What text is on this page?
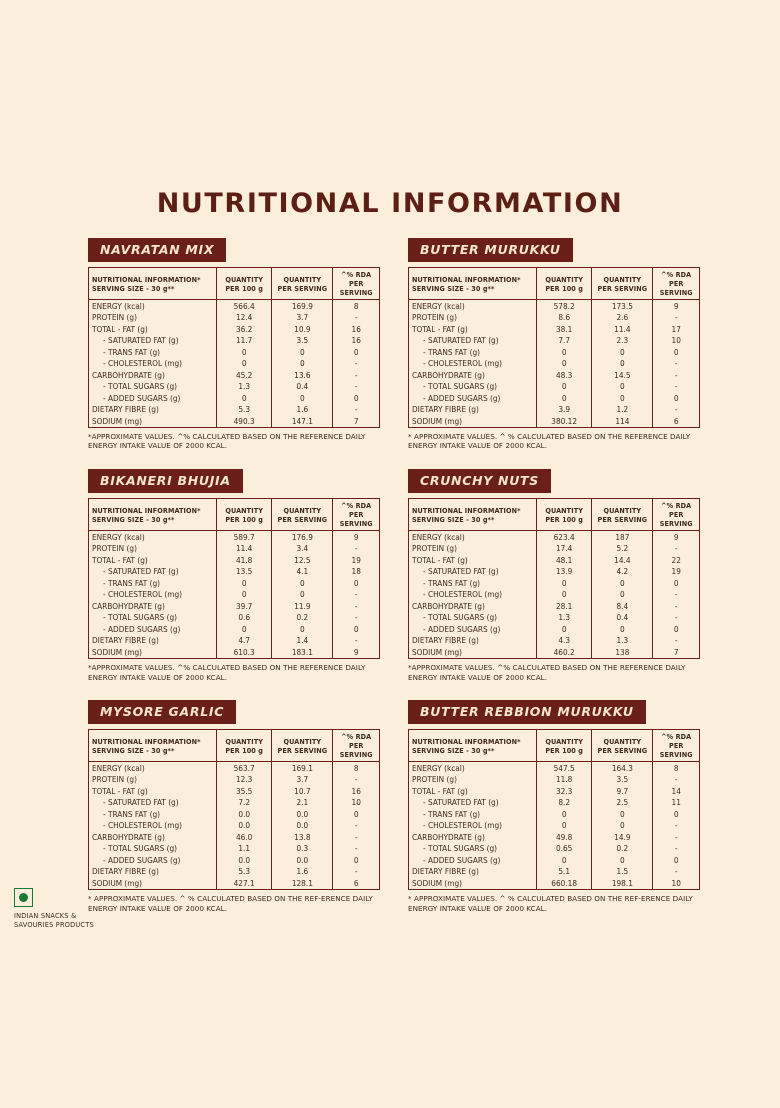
NUTRITIONAL INFORMATION
NAVRATAN MIX
NUTRITIONAL INFORMATION*
SERVING SIZE - 30 g**

QUANTITY
PER 100 g

QUANTITY
PER SERVING

^% RDA
PER SERVING

ENERGY (kcal)	566.4	169.9	8
PROTEIN (g)	12.4	3.7	-
TOTAL - FAT (g)	36.2	10.9	16
- SATURATED FAT (g)	11.7	3.5	16
- TRANS FAT (g)	0	0	0
- CHOLESTEROL (mg)	0	0	-
CARBOHYDRATE (g)	45.2	13.6	-
- TOTAL SUGARS (g)	1.3	0.4	-
- ADDED SUGARS (g)	0	0	0
DIETARY FIBRE (g)	5.3	1.6	-
SODIUM (mg)	490.3	147.1	7
*APPROXIMATE VALUES. ^% CALCULATED BASED ON THE REFERENCE DAILY ENERGY INTAKE VALUE OF 2000 KCAL.
BIKANERI BHUJIA
NUTRITIONAL INFORMATION*
SERVING SIZE - 30 g**

QUANTITY
PER 100 g

QUANTITY
PER SERVING

^% RDA
PER SERVING

ENERGY (kcal)	589.7	176.9	9
PROTEIN (g)	11.4	3.4	-
TOTAL - FAT (g)	41.8	12.5	19
- SATURATED FAT (g)	13.5	4.1	18
- TRANS FAT (g)	0	0	0
- CHOLESTEROL (mg)	0	0	-
CARBOHYDRATE (g)	39.7	11.9	-
- TOTAL SUGARS (g)	0.6	0.2	-
- ADDED SUGARS (g)	0	0	0
DIETARY FIBRE (g)	4.7	1.4	-
SODIUM (mg)	610.3	183.1	9
*APPROXIMATE VALUES. ^% CALCULATED BASED ON THE REFERENCE DAILY ENERGY INTAKE VALUE OF 2000 KCAL.
MYSORE GARLIC
NUTRITIONAL INFORMATION*
SERVING SIZE - 30 g**

QUANTITY
PER 100 g

QUANTITY
PER SERVING

^% RDA
PER SERVING

ENERGY (kcal)	563.7	169.1	8
PROTEIN (g)	12.3	3.7	-
TOTAL - FAT (g)	35.5	10.7	16
- SATURATED FAT (g)	7.2	2.1	10
- TRANS FAT (g)	0.0	0.0	0
- CHOLESTEROL (mg)	0.0	0.0	-
CARBOHYDRATE (g)	46.0	13.8	-
- TOTAL SUGARS (g)	1.1	0.3	-
- ADDED SUGARS (g)	0.0	0.0	0
DIETARY FIBRE (g)	5.3	1.6	-
SODIUM (mg)	427.1	128.1	6
* APPROXIMATE VALUES. ^ % CALCULATED BASED ON THE REF-ERENCE DAILY ENERGY INTAKE VALUE OF 2000 KCAL.
BUTTER MURUKKU
NUTRITIONAL INFORMATION*
SERVING SIZE - 30 g**

QUANTITY
PER 100 g

QUANTITY
PER SERVING

^% RDA
PER SERVING

ENERGY (kcal)	578.2	173.5	9
PROTEIN (g)	8.6	2.6	-
TOTAL - FAT (g)	38.1	11.4	17
- SATURATED FAT (g)	7.7	2.3	10
- TRANS FAT (g)	0	0	0
- CHOLESTEROL (mg)	0	0	-
CARBOHYDRATE (g)	48.3	14.5	-
- TOTAL SUGARS (g)	0	0	-
- ADDED SUGARS (g)	0	0	0
DIETARY FIBRE (g)	3.9	1.2	-
SODIUM (mg)	380.12	114	6
* APPROXIMATE VALUES. ^ % CALCULATED BASED ON THE REFERENCE DAILY ENERGY INTAKE VALUE OF 2000 KCAL.
CRUNCHY NUTS
NUTRITIONAL INFORMATION*
SERVING SIZE - 30 g**

QUANTITY
PER 100 g

QUANTITY
PER SERVING

^% RDA
PER SERVING

ENERGY (kcal)	623.4	187	9
PROTEIN (g)	17.4	5.2	-
TOTAL - FAT (g)	48.1	14.4	22
- SATURATED FAT (g)	13.9	4.2	19
- TRANS FAT (g)	0	0	0
- CHOLESTEROL (mg)	0	0	-
CARBOHYDRATE (g)	28.1	8.4	-
- TOTAL SUGARS (g)	1.3	0.4	-
- ADDED SUGARS (g)	0	0	0
DIETARY FIBRE (g)	4.3	1.3	-
SODIUM (mg)	460.2	138	7
*APPROXIMATE VALUES. ^% CALCULATED BASED ON THE REFERENCE DAILY ENERGY INTAKE VALUE OF 2000 KCAL.
BUTTER REBBION MURUKKU
NUTRITIONAL INFORMATION*
SERVING SIZE - 30 g**

QUANTITY
PER 100 g

QUANTITY
PER SERVING

^% RDA
PER SERVING

ENERGY (kcal)	547.5	164.3	8
PROTEIN (g)	11.8	3.5	-
TOTAL - FAT (g)	32.3	9.7	14
- SATURATED FAT (g)	8.2	2.5	11
- TRANS FAT (g)	0	0	0
- CHOLESTEROL (mg)	0	0	-
CARBOHYDRATE (g)	49.8	14.9	-
- TOTAL SUGARS (g)	0.65	0.2	-
- ADDED SUGARS (g)	0	0	0
DIETARY FIBRE (g)	5.1	1.5	-
SODIUM (mg)	660.18	198.1	10
* APPROXIMATE VALUES. ^ % CALCULATED BASED ON THE REF-ERENCE DAILY ENERGY INTAKE VALUE OF 2000 KCAL.
INDIAN SNACKS &
SAVOURIES PRODUCTS
